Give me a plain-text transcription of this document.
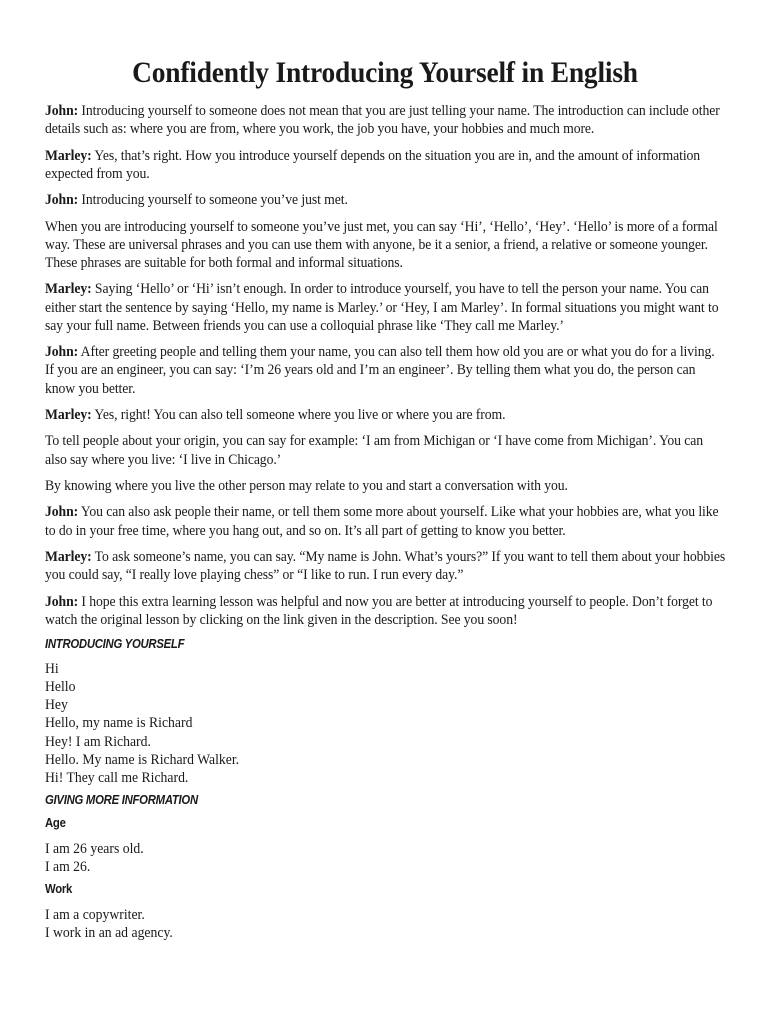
Confidently Introducing Yourself in English

John: Introducing yourself to someone does not mean that you are just telling your name. The introduction can include other details such as: where you are from, where you work, the job you have, your hobbies and much more.

Marley: Yes, that’s right. How you introduce yourself depends on the situation you are in, and the amount of information expected from you.

John: Introducing yourself to someone you’ve just met.

When you are introducing yourself to someone you’ve just met, you can say ‘Hi’, ‘Hello’, ‘Hey’. ‘Hello’ is more of a formal way. These are universal phrases and you can use them with anyone, be it a senior, a friend, a relative or someone younger. These phrases are suitable for both formal and informal situations.

Marley: Saying ‘Hello’ or ‘Hi’ isn’t enough. In order to introduce yourself, you have to tell the person your name. You can either start the sentence by saying ‘Hello, my name is Marley.’ or ‘Hey, I am Marley’. In formal situations you might want to say your full name. Between friends you can use a colloquial phrase like ‘They call me Marley.’

John: After greeting people and telling them your name, you can also tell them how old you are or what you do for a living. If you are an engineer, you can say: ‘I’m 26 years old and I’m an engineer’. By telling them what you do, the person can know you better.

Marley: Yes, right! You can also tell someone where you live or where you are from.

To tell people about your origin, you can say for example: ‘I am from Michigan or ‘I have come from Michigan’. You can also say where you live: ‘I live in Chicago.’

By knowing where you live the other person may relate to you and start a conversation with you.

John: You can also ask people their name, or tell them some more about yourself. Like what your hobbies are, what you like to do in your free time, where you hang out, and so on. It’s all part of getting to know you better.

Marley: To ask someone’s name, you can say. “My name is John. What’s yours?” If you want to tell them about your hobbies you could say, “I really love playing chess” or “I like to run. I run every day.”

John: I hope this extra learning lesson was helpful and now you are better at introducing yourself to people. Don’t forget to watch the original lesson by clicking on the link given in the description. See you soon!

INTRODUCING YOURSELF
Hi
Hello
Hey
Hello, my name is Richard
Hey! I am Richard.
Hello. My name is Richard Walker.
Hi! They call me Richard.
GIVING MORE INFORMATION
Age
I am 26 years old.
I am 26.
Work
I am a copywriter.
I work in an ad agency.
